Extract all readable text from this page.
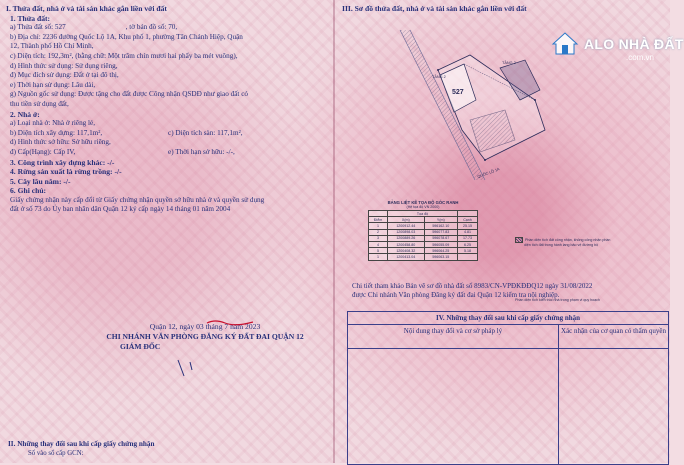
I. Thửa đất, nhà ở và tài sản khác gắn liền với đất
1. Thửa đất:
a) Thửa đất số: 527	, tờ bản đồ số: 70,
b) Địa chỉ: 2236 đường Quốc Lộ 1A, Khu phố 1, phường Tân Chánh Hiệp, Quận
12, Thành phố Hồ Chí Minh,
c) Diện tích: 192,3m², (bằng chữ: Một trăm chín mươi hai phẩy ba mét vuông),
d) Hình thức sử dụng: Sử dụng riêng,
đ) Mục đích sử dụng: Đất ở tại đô thị,
e) Thời hạn sử dụng: Lâu dài,
g) Nguồn gốc sử dụng: Được tặng cho đất được Công nhận QSDĐ như giao đất có
thu tiền sử dụng đất,
2. Nhà ở:
a) Loại nhà ở: Nhà ở riêng lẻ,
b) Diện tích xây dựng: 117,1m²,	c) Diện tích sàn: 117,1m²,
d) Hình thức sở hữu: Sở hữu riêng,
đ) Cấp(Hạng): Cấp IV,	e) Thời hạn sở hữu: -/-,
3. Công trình xây dựng khác: -/-
4. Rừng sản xuất là rừng trồng: -/-
5. Cây lâu năm: -/-
6. Ghi chú:
Giấy chứng nhận này cấp đổi từ Giấy chứng nhận quyền sở hữu nhà ở và quyền sử dụng
đất ở số 73 do Ủy ban nhân dân Quận 12 ký cấp ngày 14 tháng 01 năm 2004
Quận 12, ngày 03 tháng 7 năm 2023
CHI NHÁNH VĂN PHÒNG ĐĂNG KÝ ĐẤT ĐAI QUẬN 12
GIÁM ĐỐC
II. Những thay đổi sau khi cấp giấy chứng nhận
Số vào sổ cấp GCN:
III. Sơ đồ thửa đất, nhà ở và tài sản khác gắn liền với đất
ALO NHÀ ĐẤT
.com.vn
TẦNG 2
TẦNG 2
527
QUỐC LỘ 1A
BẢNG LIỆT KÊ TỌA ĐỘ GÓC RANH
(Hệ tọa độ VN 2000)
	Tọa độ		
Điểm	X(m)	Y(m)	Cạnh
1	1200912.44	596162.10	25.15
2	1200898.03	596077.83	4.81
3	1200889.26	596078.67	17.73
4	1200458.80	596055.09	6.25
5	1200408.32	596064.25	5.18
1	1200413.04	596063.15	
Phần diện tích đất công nhận, không công nhận phần
diện tích đất trong hành lang bảo vệ đường bộ
Phần diện tích kiến trúc nhà trong phạm vi quy hoạch
Chi tiết tham khảo Bản vẽ sơ đồ nhà đất số 8983/CN-VPĐKĐĐQ12 ngày 31/08/2022
được Chi nhánh Văn phòng Đăng ký đất đai Quận 12 kiểm tra nội nghiệp.
IV. Những thay đổi sau khi cấp giấy chứng nhận
Nội dung thay đổi và cơ sở pháp lý	Xác nhận của cơ quan có thẩm quyền
